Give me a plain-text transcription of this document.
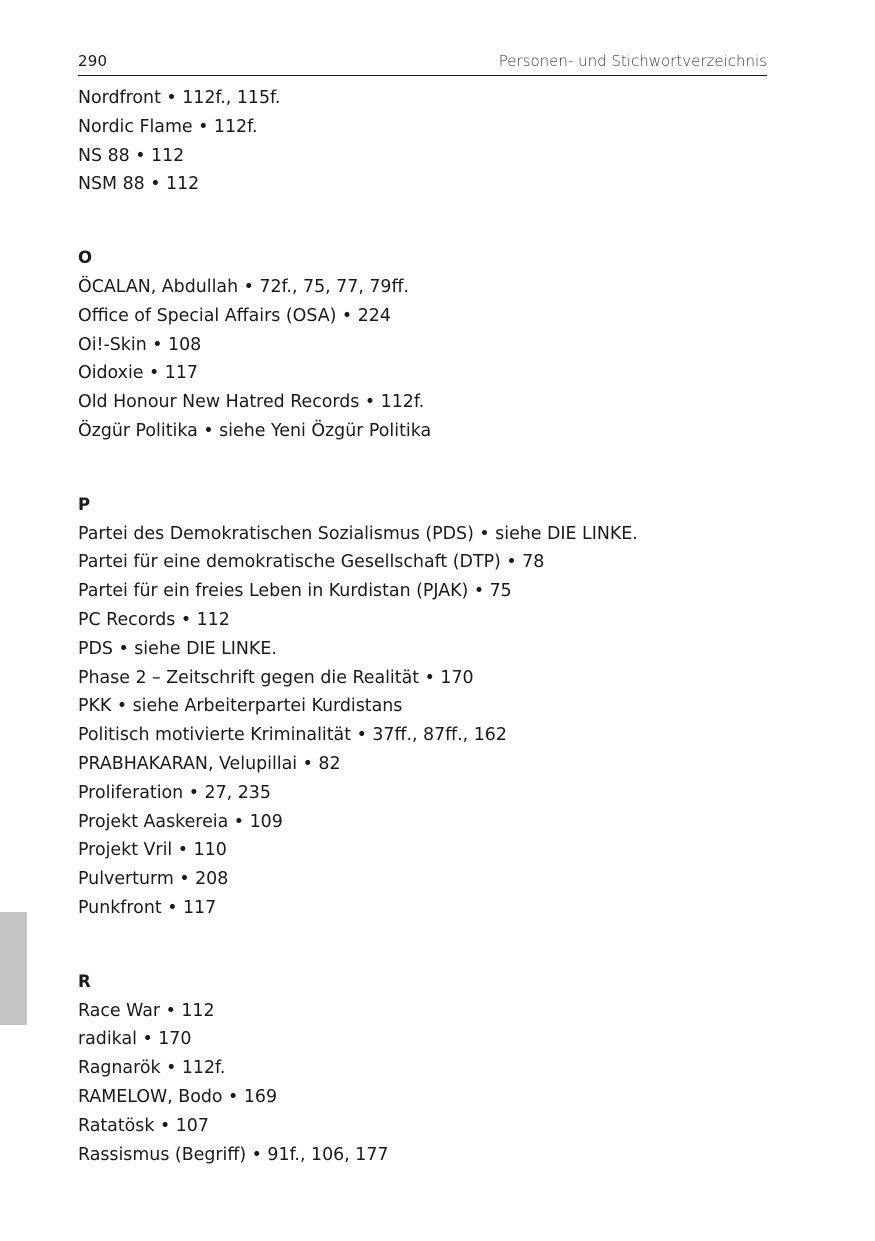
290	Personen- und Stichwortverzeichnis
Nordfront • 112f., 115f.
Nordic Flame • 112f.
NS 88 • 112
NSM 88 • 112
O
ÖCALAN, Abdullah • 72f., 75, 77, 79ff.
Office of Special Affairs (OSA) • 224
Oi!-Skin • 108
Oidoxie • 117
Old Honour New Hatred Records • 112f.
Özgür Politika • siehe Yeni Özgür Politika
P
Partei des Demokratischen Sozialismus (PDS) • siehe DIE LINKE.
Partei für eine demokratische Gesellschaft (DTP) • 78
Partei für ein freies Leben in Kurdistan (PJAK) • 75
PC Records • 112
PDS • siehe DIE LINKE.
Phase 2 – Zeitschrift gegen die Realität • 170
PKK • siehe Arbeiterpartei Kurdistans
Politisch motivierte Kriminalität • 37ff., 87ff., 162
PRABHAKARAN, Velupillai • 82
Proliferation • 27, 235
Projekt Aaskereia • 109
Projekt Vril • 110
Pulverturm • 208
Punkfront • 117
R
Race War • 112
radikal • 170
Ragnarök • 112f.
RAMELOW, Bodo • 169
Ratatösk • 107
Rassismus (Begriff) • 91f., 106, 177
